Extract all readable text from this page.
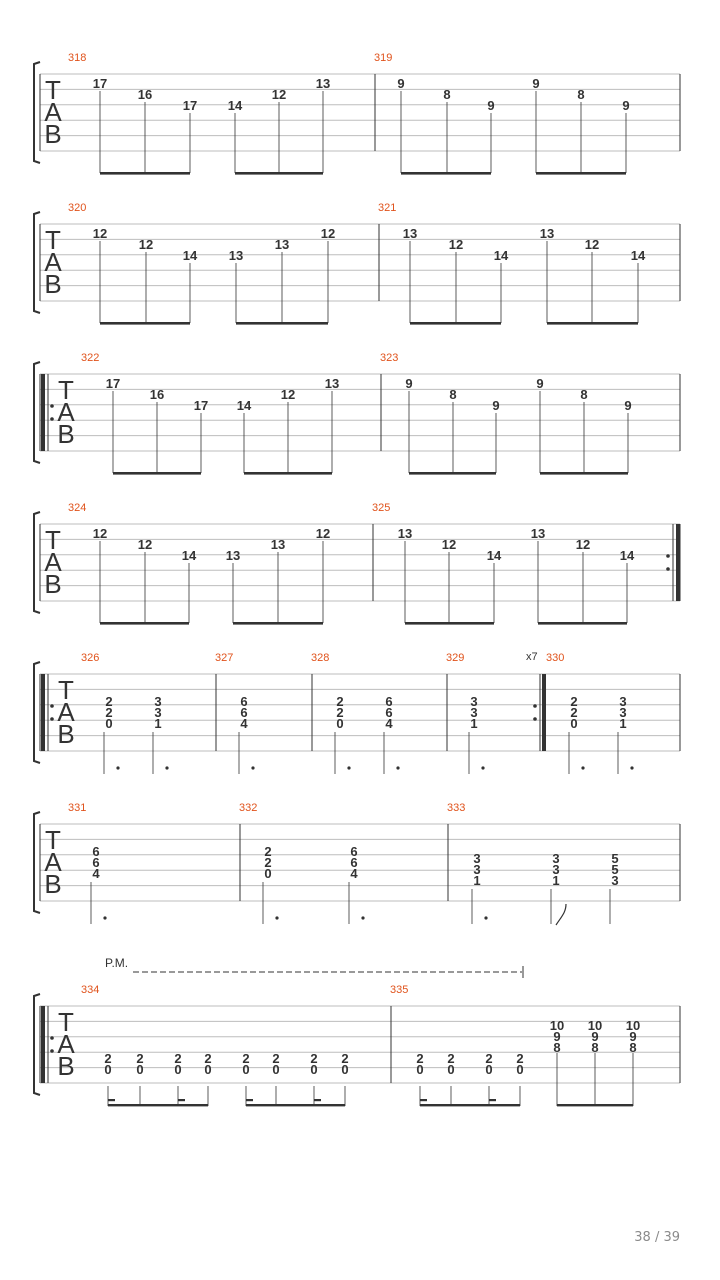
T
A
B
318	319
17
16
17 14
12
13	9
8
9
9
8
9
T
A
B
320	321
12
12
14 13
13
12	13
12
14
13
12
14
T
A
B
322	323
17
16
17 14
12
13	9
8
9
9
8
9
T
A
B
324	325
12
12
14 13
13
12	13
12
14
13
12
14
T
A
B
326	327	328	329	330
2
2
0
3
3
1
6
6
4
2
2
0
6
6
4
3
3
1
2
2
0
3
3
1
x7
T
A
B
331	332	333
6
6
4
2
2
0
6
6
4
3
3
1
3
3
1
5
5
3
T
A
B
334	335
P.M.
2
0
2
0
2
0
2
0
2
0
2
0
2
0
2
0
2
0
2
0
2
0
2
0
10
9
8
10
9
8
10
9
8
38 / 39
